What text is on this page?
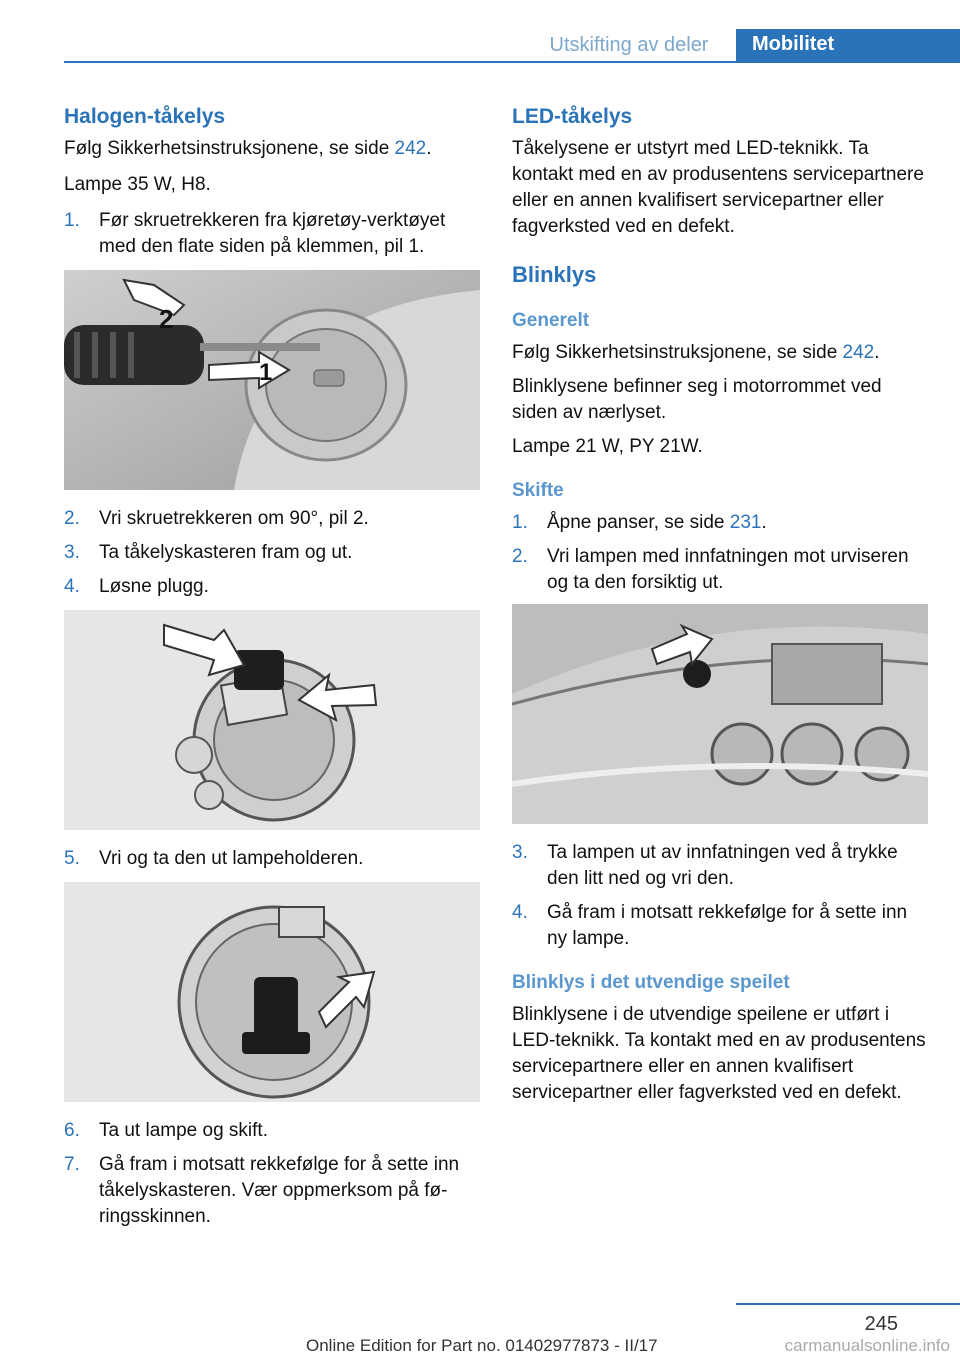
Utskifting av deler	Mobilitet
Halogen-tåkelys

Følg Sikkerhetsinstruksjonene, se side 242.

Lampe 35 W, H8.

1. Før skruetrekkeren fra kjøretøy-verktøyet med den flate siden på klemmen, pil 1.
2
1
2. Vri skruetrekkeren om 90°, pil 2.
3. Ta tåkelyskasteren fram og ut.
4. Løsne plugg.
5. Vri og ta den ut lampeholderen.
6. Ta ut lampe og skift.
7. Gå fram i motsatt rekkefølge for å sette inn tåkelyskasteren. Vær oppmerksom på føringsskinnen.
LED-tåkelys

Tåkelysene er utstyrt med LED-teknikk. Ta kontakt med en av produsentens servicepartnere eller en annen kvalifisert servicepartner eller fagverksted ved en defekt.

Blinklys
Generelt

Følg Sikkerhetsinstruksjonene, se side 242.

Blinklysene befinner seg i motorrommet ved siden av nærlyset.

Lampe 21 W, PY 21W.

Skifte
1. Åpne panser, se side 231.
2. Vri lampen med innfatningen mot urviseren og ta den forsiktig ut.
3. Ta lampen ut av innfatningen ved å trykke den litt ned og vri den.
4. Gå fram i motsatt rekkefølge for å sette inn ny lampe.
Blinklys i det utvendige speilet

Blinklysene i de utvendige speilene er utført i LED-teknikk. Ta kontakt med en av produsentens servicepartnere eller en annen kvalifisert servicepartner eller fagverksted ved en defekt.

245
Online Edition for Part no. 01402977873 - II/17	carmanualsonline.info
